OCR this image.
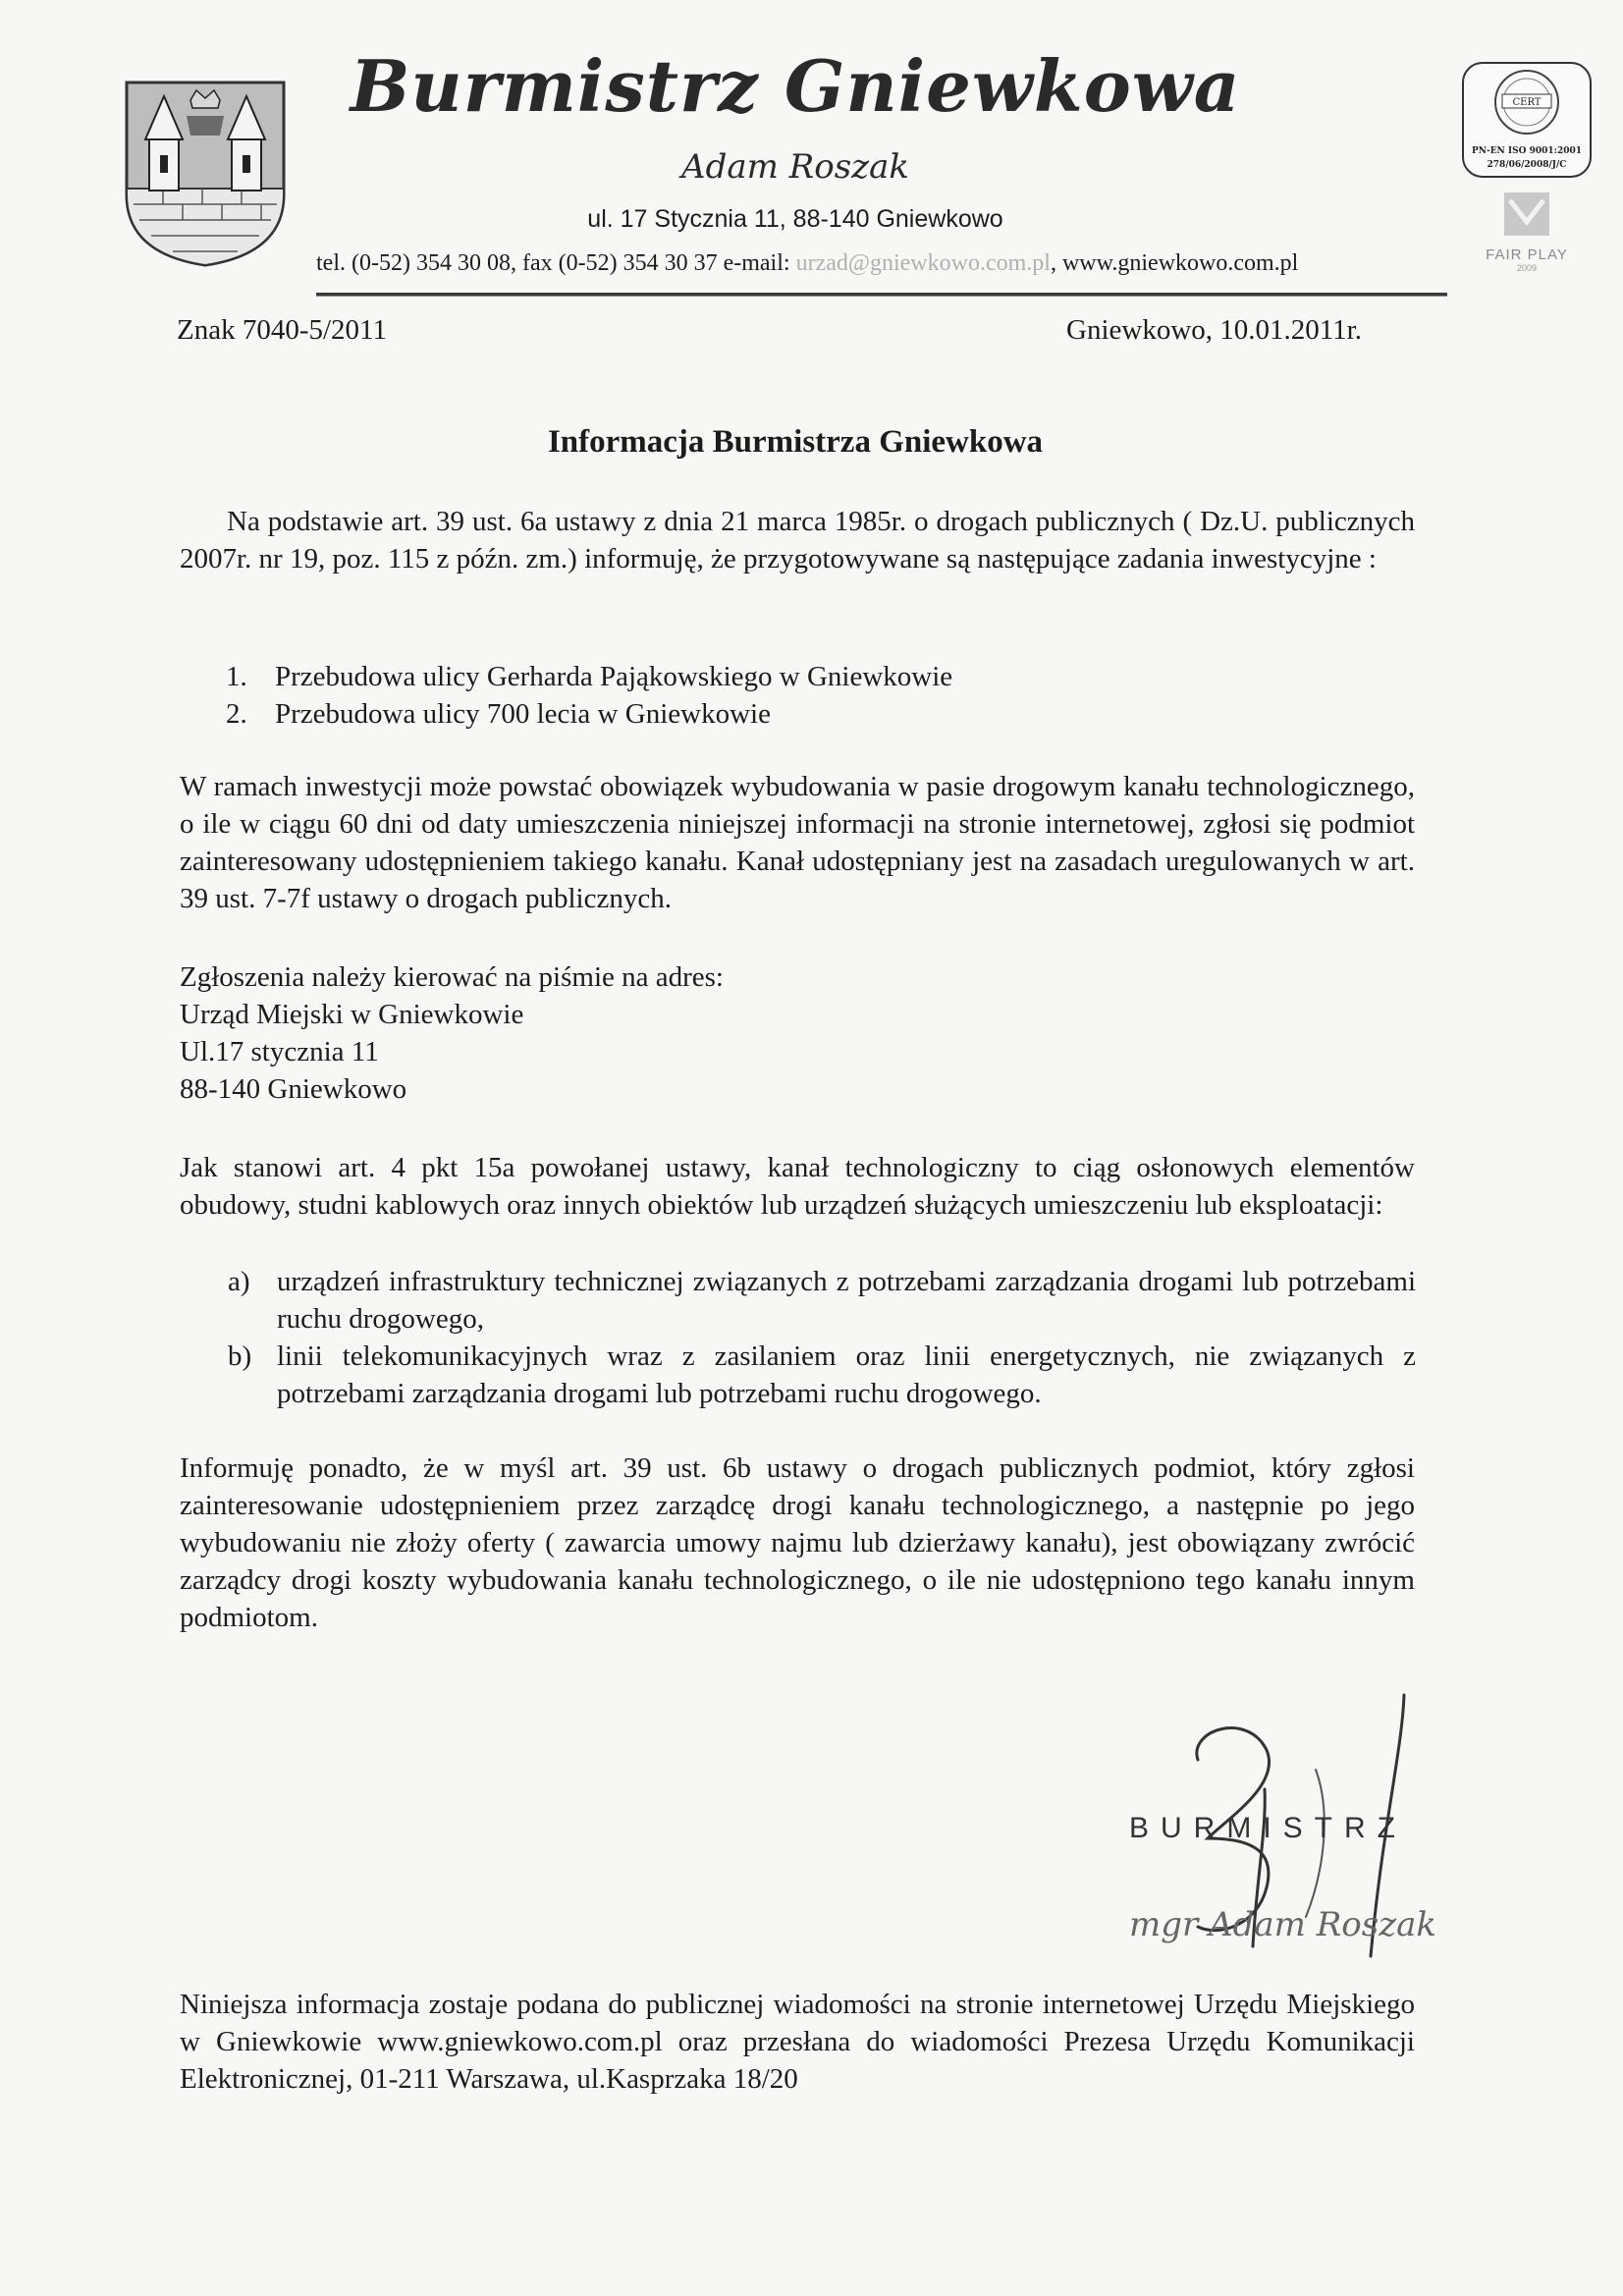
CERT
PN-EN ISO 9001:2001
278/06/2008/J/C
FAIR PLAY
2009
Burmistrz Gniewkowa
Adam Roszak
ul. 17 Stycznia 11, 88-140 Gniewkowo
tel. (0-52) 354 30 08, fax (0-52) 354 30 37 e-mail: urzad@gniewkowo.com.pl, www.gniewkowo.com.pl
Znak 7040-5/2011	Gniewkowo, 10.01.2011r.
Informacja Burmistrza Gniewkowa

Na podstawie art. 39 ust. 6a ustawy z dnia 21 marca 1985r. o drogach publicznych ( Dz.U. publicznych 2007r. nr 19, poz. 115 z późn. zm.) informuję, że przygotowywane są następujące zadania inwestycyjne :

1. Przebudowa ulicy Gerharda Pająkowskiego w Gniewkowie
2. Przebudowa ulicy 700 lecia w Gniewkowie

W ramach inwestycji może powstać obowiązek wybudowania w pasie drogowym kanału technologicznego, o ile w ciągu 60 dni od daty umieszczenia niniejszej informacji na stronie internetowej, zgłosi się podmiot zainteresowany udostępnieniem takiego kanału. Kanał udostępniany jest na zasadach uregulowanych w art. 39 ust. 7-7f ustawy o drogach publicznych.

Zgłoszenia należy kierować na piśmie na adres:
Urząd Miejski w Gniewkowie
Ul.17 stycznia 11
88-140 Gniewkowo

Jak stanowi art. 4 pkt 15a powołanej ustawy, kanał technologiczny to ciąg osłonowych elementów obudowy, studni kablowych oraz innych obiektów lub urządzeń służących umieszczeniu lub eksploatacji:

a) urządzeń infrastruktury technicznej związanych z potrzebami zarządzania drogami lub potrzebami ruchu drogowego,
b) linii telekomunikacyjnych wraz z zasilaniem oraz linii energetycznych, nie związanych z potrzebami zarządzania drogami lub potrzebami ruchu drogowego.

Informuję ponadto, że w myśl art. 39 ust. 6b ustawy o drogach publicznych podmiot, który zgłosi zainteresowanie udostępnieniem przez zarządcę drogi kanału technologicznego, a następnie po jego wybudowaniu nie złoży oferty ( zawarcia umowy najmu lub dzierżawy kanału), jest obowiązany zwrócić zarządcy drogi koszty wybudowania kanału technologicznego, o ile nie udostępniono tego kanału innym podmiotom.

BURMISTRZ
mgr Adam Roszak

Niniejsza informacja zostaje podana do publicznej wiadomości na stronie internetowej Urzędu Miejskiego w Gniewkowie www.gniewkowo.com.pl oraz przesłana do wiadomości Prezesa Urzędu Komunikacji Elektronicznej, 01-211 Warszawa, ul.Kasprzaka 18/20
